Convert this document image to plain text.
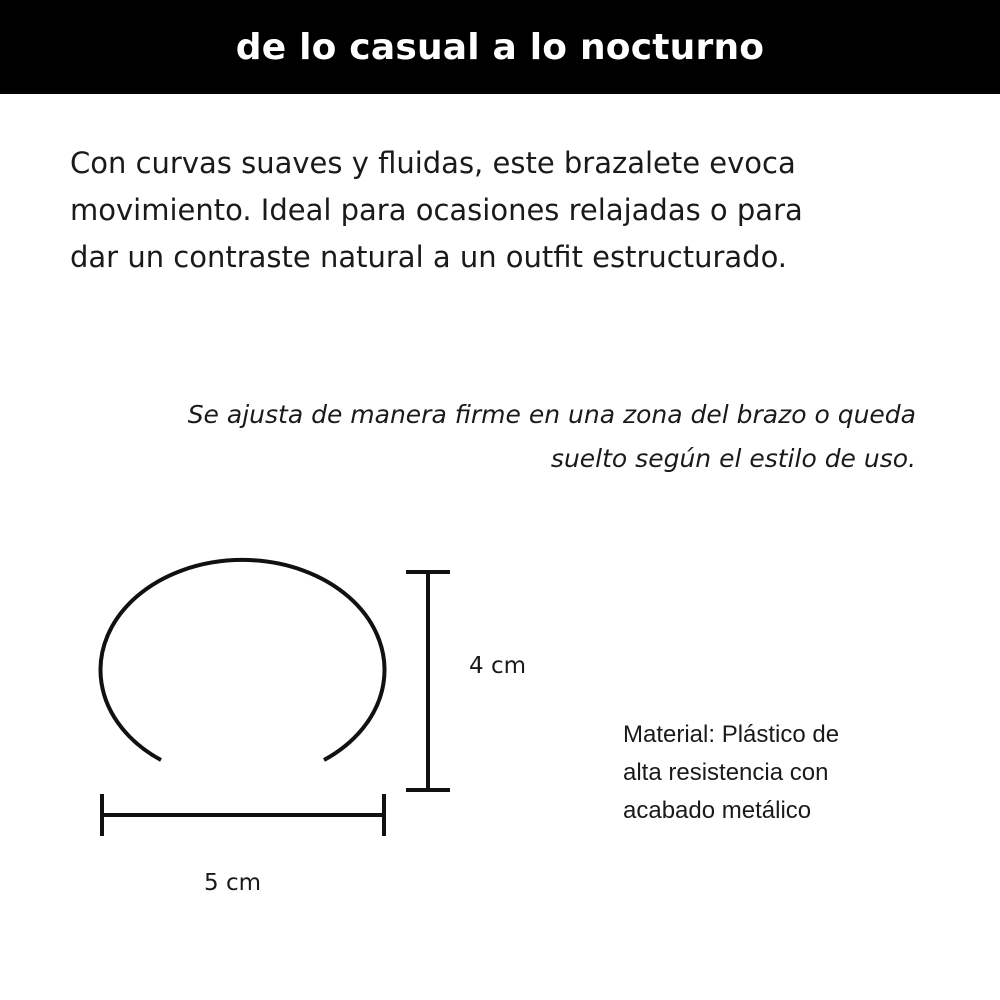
de lo casual a lo nocturno
Con curvas suaves y fluidas, este brazalete evoca
movimiento. Ideal para ocasiones relajadas o para
dar un contraste natural a un outfit estructurado.
Se ajusta de manera firme en una zona del brazo o queda
suelto según el estilo de uso.
4 cm
5 cm
Material: Plástico de
alta resistencia con
acabado metálico
